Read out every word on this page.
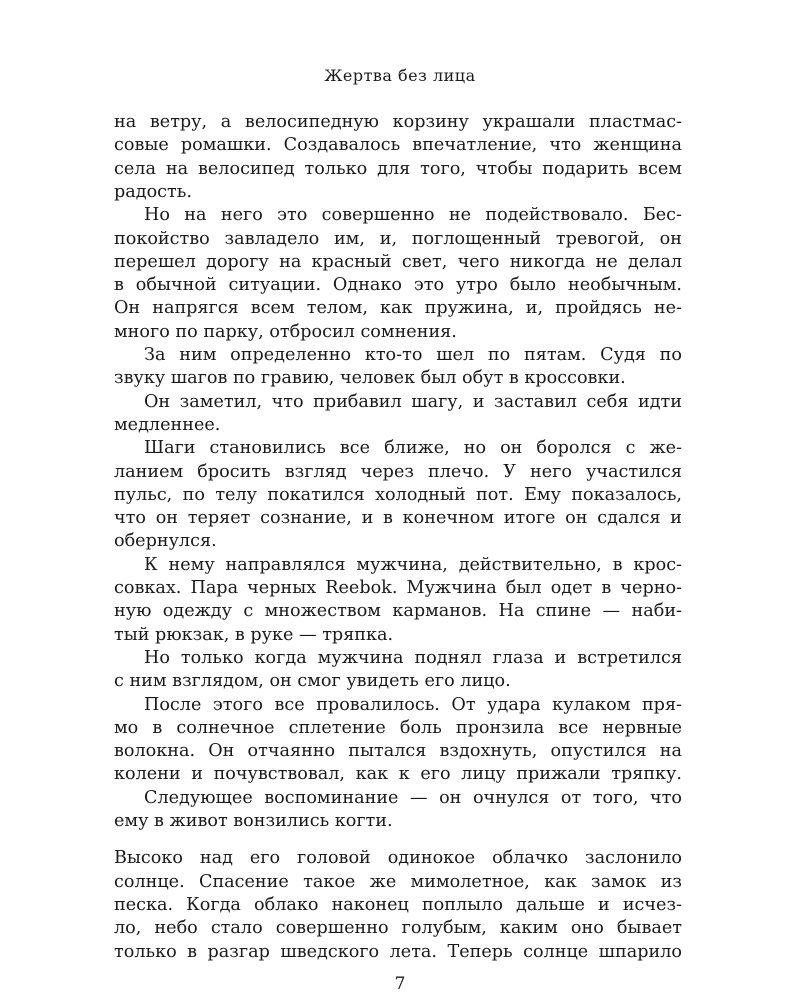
Жертва без лица
на ветру, а велосипедную корзину украшали пластмас-
совые ромашки. Создавалось впечатление, что женщина
села на велосипед только для того, чтобы подарить всем
радость.
Но на него это совершенно не подействовало. Бес-
покойство завладело им, и, поглощенный тревогой, он
перешел дорогу на красный свет, чего никогда не делал
в обычной ситуации. Однако это утро было необычным.
Он напрягся всем телом, как пружина, и, пройдясь не-
много по парку, отбросил сомнения.
За ним определенно кто-то шел по пятам. Судя по
звуку шагов по гравию, человек был обут в кроссовки.
Он заметил, что прибавил шагу, и заставил себя идти
медленнее.
Шаги становились все ближе, но он боролся с же-
ланием бросить взгляд через плечо. У него участился
пульс, по телу покатился холодный пот. Ему показалось,
что он теряет сознание, и в конечном итоге он сдался и
обернулся.
К нему направлялся мужчина, действительно, в крос-
совках. Пара черных Reebok. Мужчина был одет в черно-
ную одежду с множеством карманов. На спине — наби-
тый рюкзак, в руке — тряпка.
Но только когда мужчина поднял глаза и встретился
с ним взглядом, он смог увидеть его лицо.
После этого все провалилось. От удара кулаком пря-
мо в солнечное сплетение боль пронзила все нервные
волокна. Он отчаянно пытался вздохнуть, опустился на
колени и почувствовал, как к его лицу прижали тряпку.
Следующее воспоминание — он очнулся от того, что
ему в живот вонзились когти.
Высоко над его головой одинокое облачко заслонило
солнце. Спасение такое же мимолетное, как замок из
песка. Когда облако наконец поплыло дальше и исчез-
ло, небо стало совершенно голубым, каким оно бывает
только в разгар шведского лета. Теперь солнце шпарило
7
